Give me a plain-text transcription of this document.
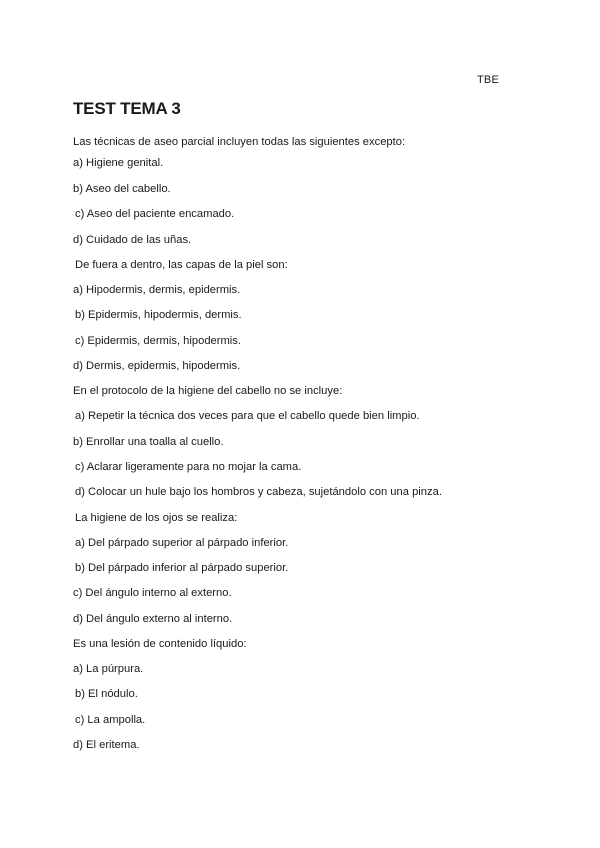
TBE
TEST TEMA 3
Las técnicas de aseo parcial incluyen todas las siguientes excepto:
a) Higiene genital.
b) Aseo del cabello.
c) Aseo del paciente encamado.
d) Cuidado de las uñas.
De fuera a dentro, las capas de la piel son:
a) Hipodermis, dermis, epidermis.
b) Epidermis, hipodermis, dermis.
c) Epidermis, dermis, hipodermis.
d) Dermis, epidermis, hipodermis.
En el protocolo de la higiene del cabello no se incluye:
a) Repetir la técnica dos veces para que el cabello quede bien limpio.
b) Enrollar una toalla al cuello.
c) Aclarar ligeramente para no mojar la cama.
d) Colocar un hule bajo los hombros y cabeza, sujetándolo con una pinza.
La higiene de los ojos se realiza:
a) Del párpado superior al párpado inferior.
b) Del párpado inferior al párpado superior.
c) Del ángulo interno al externo.
d) Del ángulo externo al interno.
Es una lesión de contenido líquido:
a) La púrpura.
b) El nódulo.
c) La ampolla.
d) El eritema.
